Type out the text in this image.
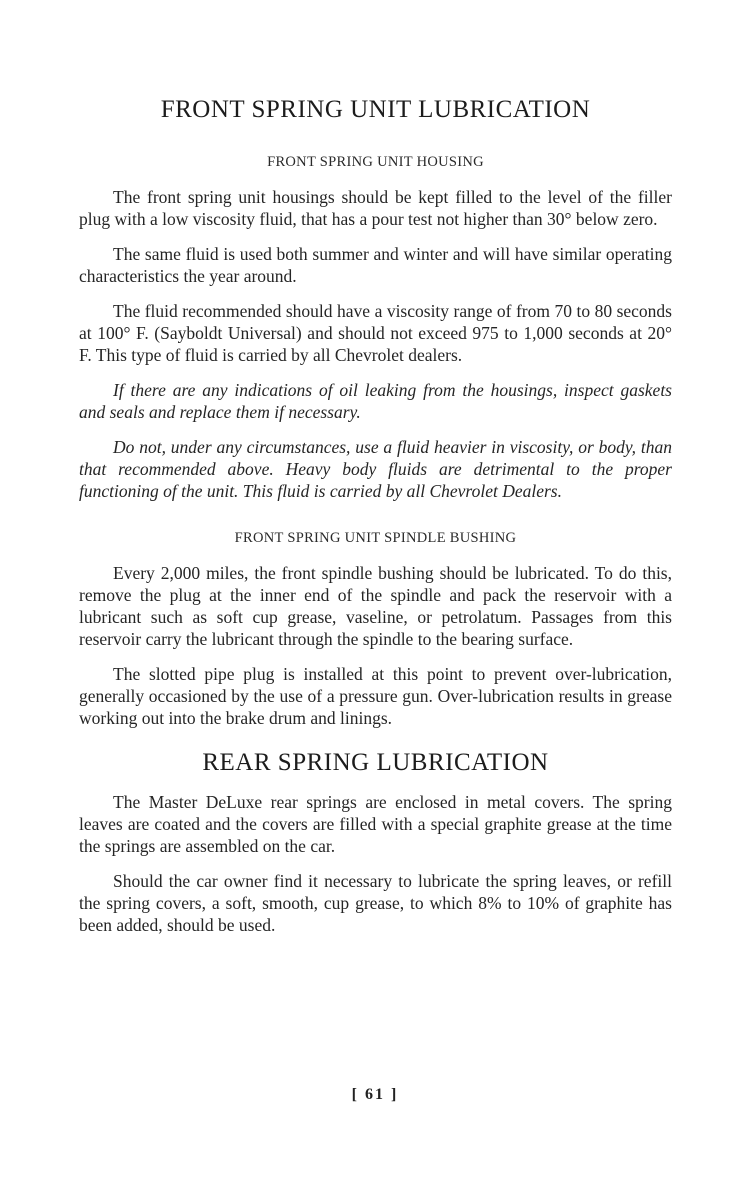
FRONT SPRING UNIT LUBRICATION
FRONT SPRING UNIT HOUSING

The front spring unit housings should be kept filled to the level of the filler plug with a low viscosity fluid, that has a pour test not higher than 30° below zero.

The same fluid is used both summer and winter and will have similar operating characteristics the year around.

The fluid recommended should have a viscosity range of from 70 to 80 seconds at 100° F. (Sayboldt Universal) and should not exceed 975 to 1,000 seconds at 20° F. This type of fluid is carried by all Chevrolet dealers.

If there are any indications of oil leaking from the housings, inspect gaskets and seals and replace them if necessary.

Do not, under any circumstances, use a fluid heavier in viscosity, or body, than that recommended above. Heavy body fluids are detrimental to the proper functioning of the unit. This fluid is carried by all Chevrolet Dealers.

FRONT SPRING UNIT SPINDLE BUSHING

Every 2,000 miles, the front spindle bushing should be lubricated. To do this, remove the plug at the inner end of the spindle and pack the reservoir with a lubricant such as soft cup grease, vaseline, or petrolatum. Passages from this reservoir carry the lubricant through the spindle to the bearing surface.

The slotted pipe plug is installed at this point to prevent over-lubrication, generally occasioned by the use of a pressure gun. Over-lubrication results in grease working out into the brake drum and linings.

REAR SPRING LUBRICATION

The Master DeLuxe rear springs are enclosed in metal covers. The spring leaves are coated and the covers are filled with a special graphite grease at the time the springs are assembled on the car.

Should the car owner find it necessary to lubricate the spring leaves, or refill the spring covers, a soft, smooth, cup grease, to which 8% to 10% of graphite has been added, should be used.

[ 61 ]
